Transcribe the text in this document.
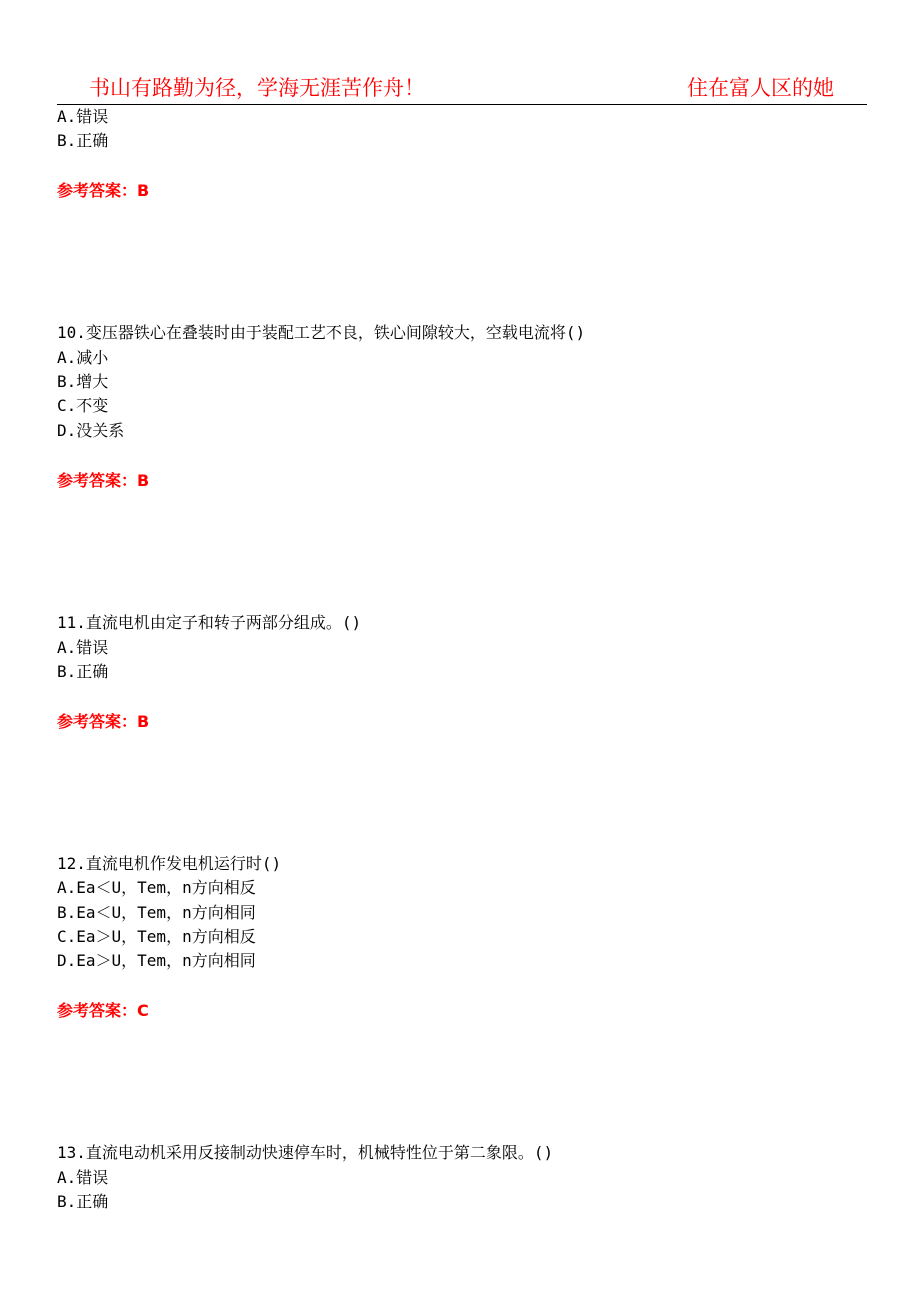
书山有路勤为径，学海无涯苦作舟！	住在富人区的她
A.错误
B.正确
参考答案：B
10.变压器铁心在叠装时由于装配工艺不良，铁心间隙较大，空载电流将()
A.减小
B.增大
C.不变
D.没关系
参考答案：B
11.直流电机由定子和转子两部分组成。()
A.错误
B.正确
参考答案：B
12.直流电机作发电机运行时()
A.Ea＜U，Tem，n方向相反
B.Ea＜U，Tem，n方向相同
C.Ea＞U，Tem，n方向相反
D.Ea＞U，Tem，n方向相同
参考答案：C
13.直流电动机采用反接制动快速停车时，机械特性位于第二象限。()
A.错误
B.正确
